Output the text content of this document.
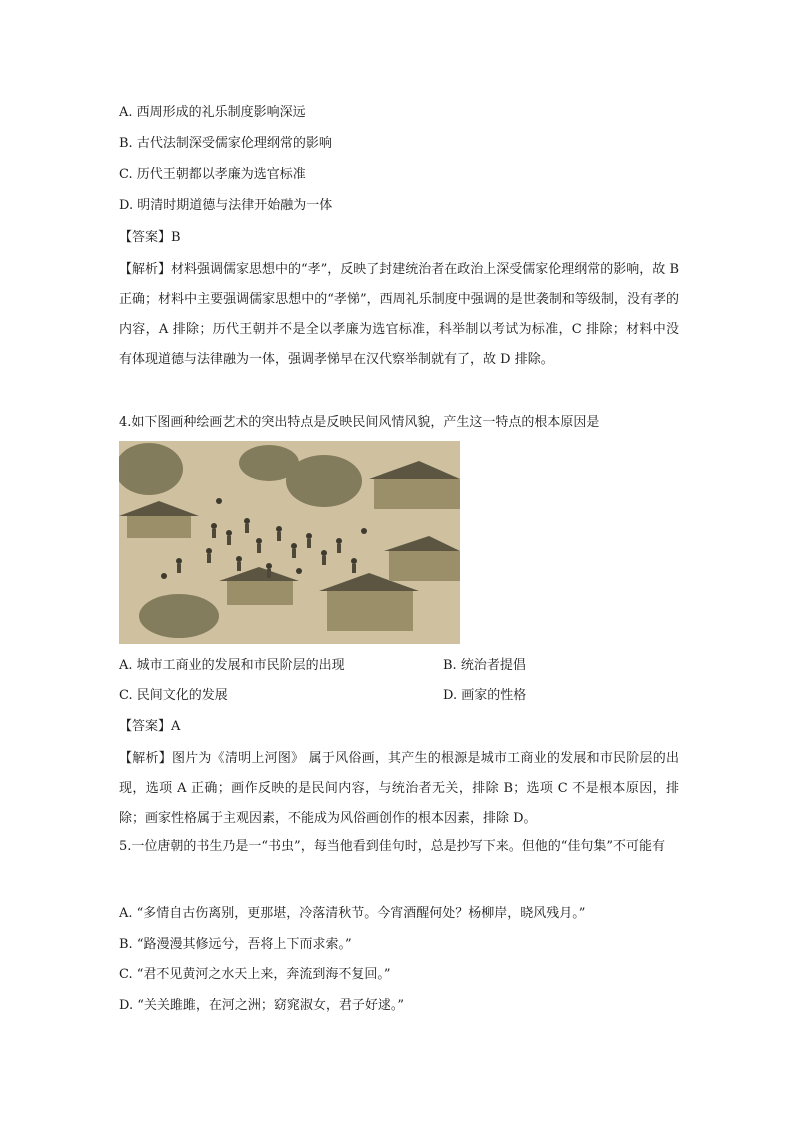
A. 西周形成的礼乐制度影响深远
B. 古代法制深受儒家伦理纲常的影响
C. 历代王朝都以孝廉为选官标准
D. 明清时期道德与法律开始融为一体
【答案】B
【解析】材料强调儒家思想中的“孝”，反映了封建统治者在政治上深受儒家伦理纲常的影响，故 B 正确；材料中主要强调儒家思想中的“孝悌”，西周礼乐制度中强调的是世袭制和等级制，没有孝的内容，A 排除；历代王朝并不是全以孝廉为选官标准，科举制以考试为标准，C 排除；材料中没有体现道德与法律融为一体，强调孝悌早在汉代察举制就有了，故 D 排除。
4.如下图画种绘画艺术的突出特点是反映民间风情风貌，产生这一特点的根本原因是
A. 城市工商业的发展和市民阶层的出现	B. 统治者提倡
C. 民间文化的发展	D. 画家的性格
【答案】A
【解析】图片为《清明上河图》 属于风俗画，其产生的根源是城市工商业的发展和市民阶层的出现，选项 A 正确；画作反映的是民间内容，与统治者无关，排除 B；选项 C 不是根本原因，排除；画家性格属于主观因素，不能成为风俗画创作的根本因素，排除 D。
5.一位唐朝的书生乃是一“书虫”，每当他看到佳句时，总是抄写下来。但他的“佳句集”不可能有
A. “多情自古伤离别，更那堪，冷落清秋节。今宵酒醒何处？杨柳岸，晓风残月。”
B. “路漫漫其修远兮，吾将上下而求索。”
C. “君不见黄河之水天上来，奔流到海不复回。”
D. “关关雎雎，在河之洲；窈窕淑女，君子好逑。”
